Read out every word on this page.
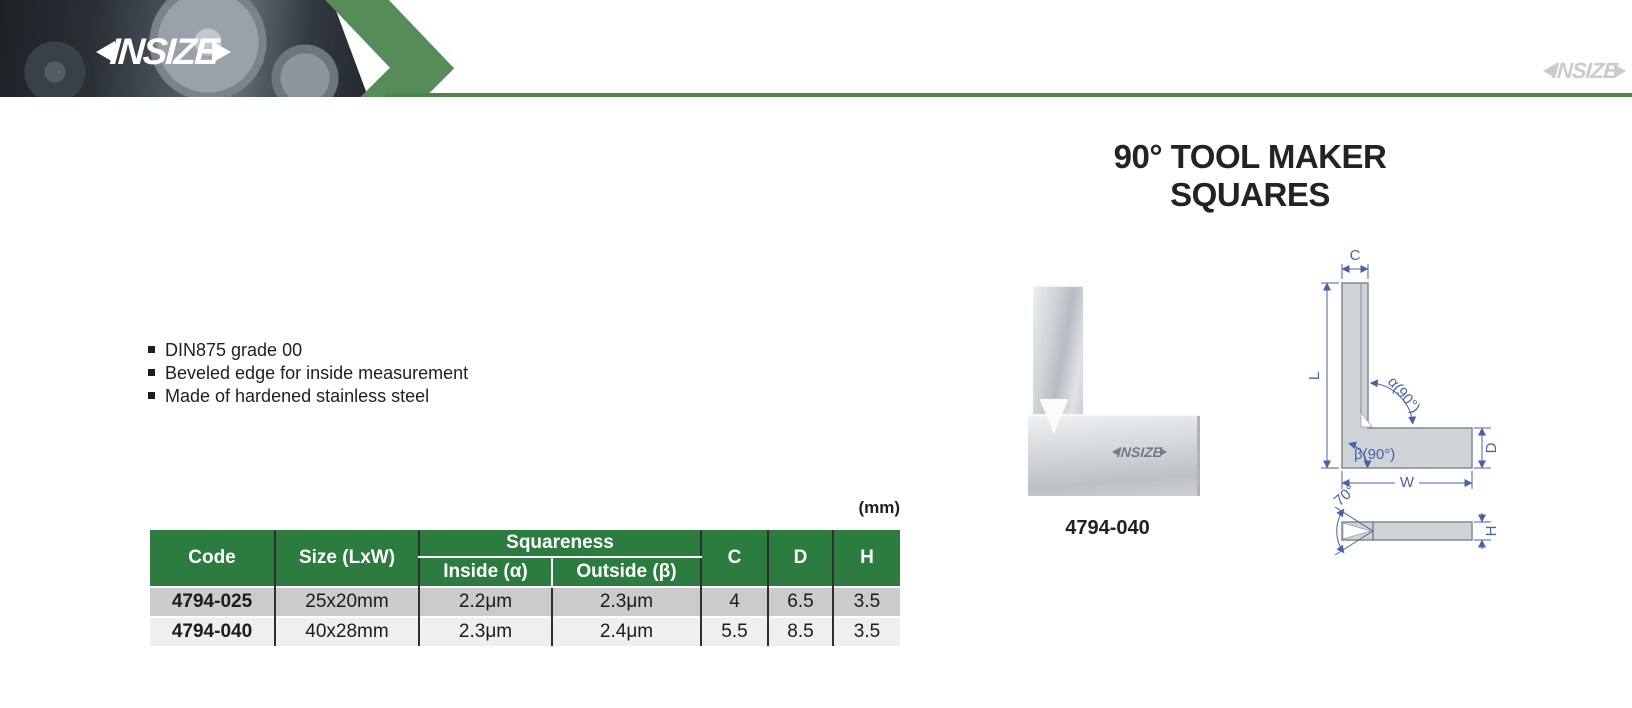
INSIZE	INSIZE
90° TOOL MAKER SQUARES
DIN875 grade 00
Beveled edge for inside measurement
Made of hardened stainless steel
(mm)
Code	Size (LxW)	Squareness		C	D	H
		Inside (α)	Outside (β)			
4794-025	25x20mm	2.2μm	2.3μm	4	6.5	3.5
4794-040	40x28mm	2.3μm	2.4μm	5.5	8.5	3.5
INSIZE
4794-040
C
L
W
D
α(90°)
β(90°)
70°
H
